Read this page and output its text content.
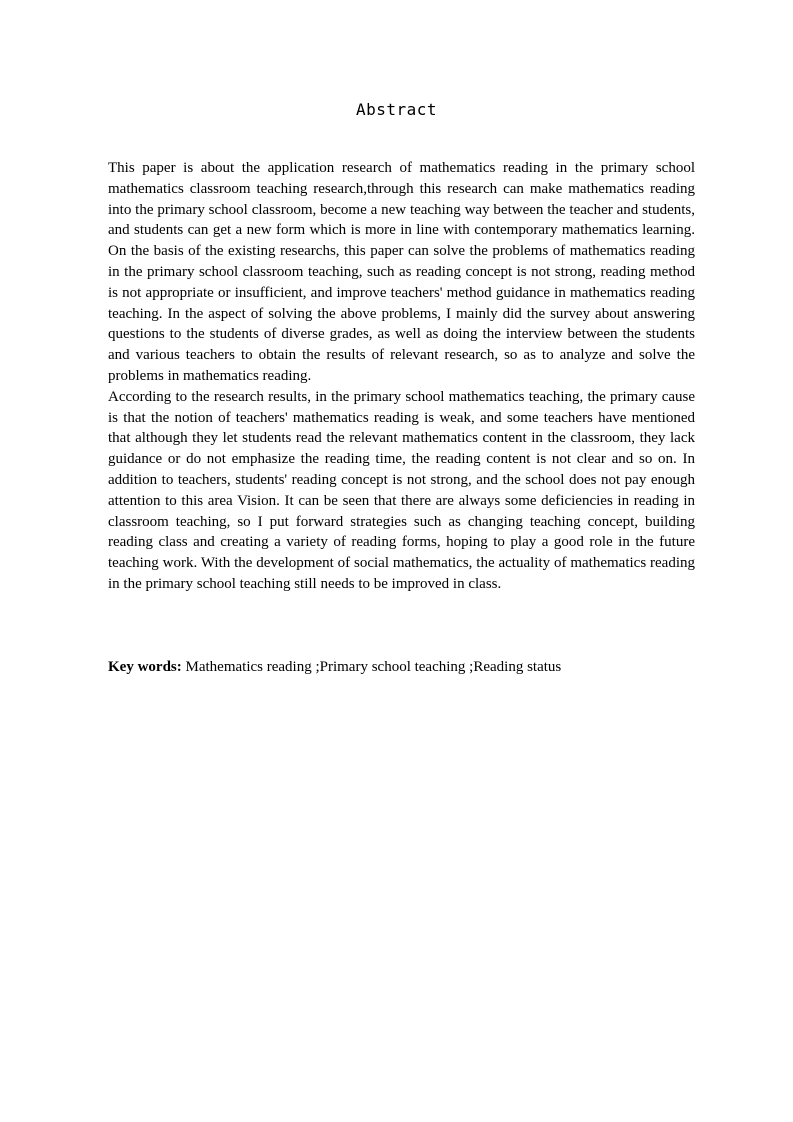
Abstract

This paper is about the application research of mathematics reading in the primary school mathematics classroom teaching research,through this research can make mathematics reading into the primary school classroom, become a new teaching way between the teacher and students, and students can get a new form which is more in line with contemporary mathematics learning. On the basis of the existing researchs, this paper can solve the problems of mathematics reading in the primary school classroom teaching, such as reading concept is not strong, reading method is not appropriate or insufficient, and improve teachers' method guidance in mathematics reading teaching. In the aspect of solving the above problems, I mainly did the survey about answering questions to the students of diverse grades, as well as doing the interview between the students and various teachers to obtain the results of relevant research, so as to analyze and solve the problems in mathematics reading.

According to the research results, in the primary school mathematics teaching, the primary cause is that the notion of teachers' mathematics reading is weak, and some teachers have mentioned that although they let students read the relevant mathematics content in the classroom, they lack guidance or do not emphasize the reading time, the reading content is not clear and so on. In addition to teachers, students' reading concept is not strong, and the school does not pay enough attention to this area Vision. It can be seen that there are always some deficiencies in reading in classroom teaching, so I put forward strategies such as changing teaching concept, building reading class and creating a variety of reading forms, hoping to play a good role in the future teaching work. With the development of social mathematics, the actuality of mathematics reading in the primary school teaching still needs to be improved in class.

Key words: Mathematics reading ;Primary school teaching ;Reading status
